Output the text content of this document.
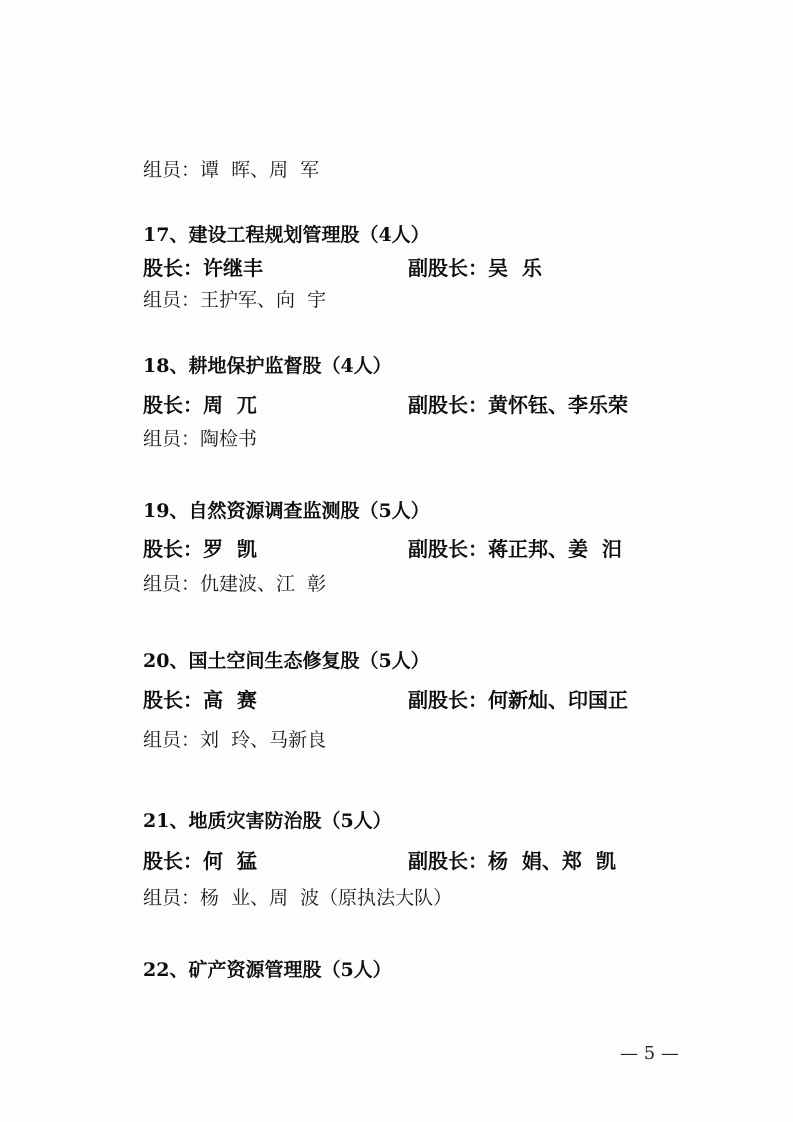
组员：谭  晖、周  军
17、建设工程规划管理股（4人）
股长：许继丰	副股长：吴  乐
组员：王护军、向  宇
18、耕地保护监督股（4人）
股长：周  兀	副股长：黄怀钰、李乐荣
组员：陶检书
19、自然资源调查监测股（5人）
股长：罗  凯	副股长：蒋正邦、姜  汨
组员：仇建波、江  彰
20、国土空间生态修复股（5人）
股长：高  赛	副股长：何新灿、印国正
组员：刘  玲、马新良
21、地质灾害防治股（5人）
股长：何  猛	副股长：杨  娟、郑  凯
组员：杨  业、周  波（原执法大队）
22、矿产资源管理股（5人）
— 5 —
